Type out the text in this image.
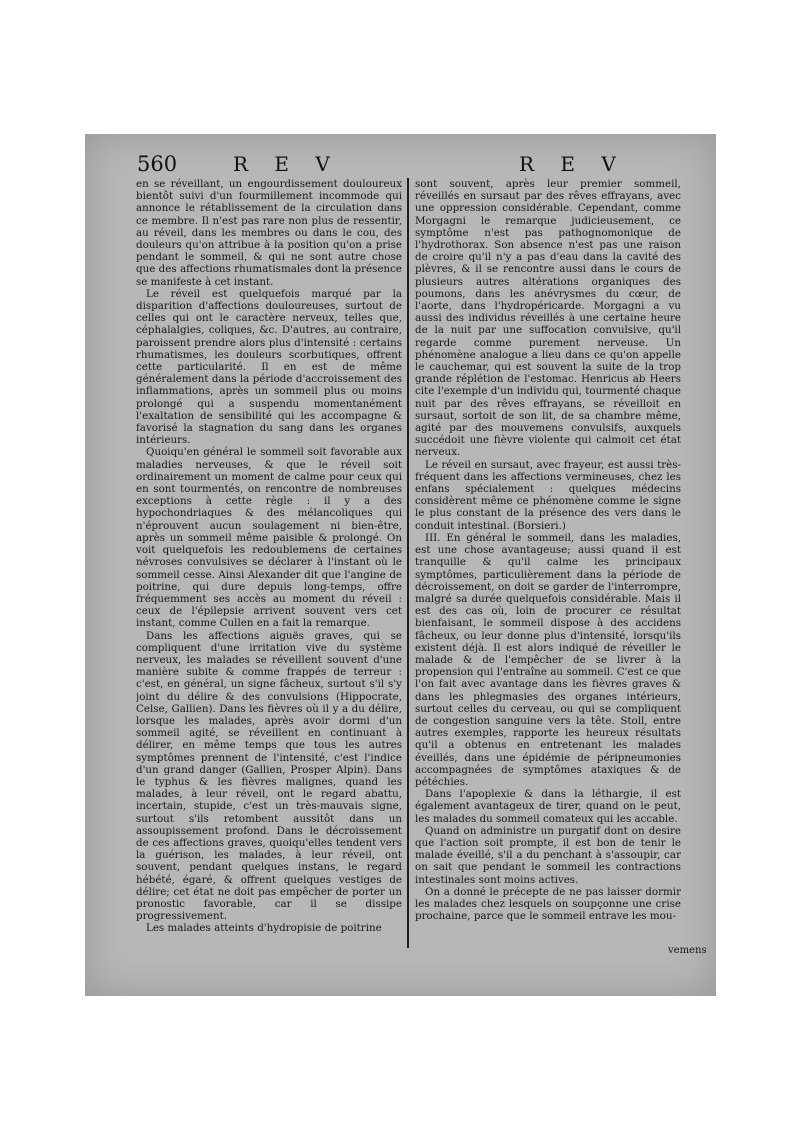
560	R E V	R E V

en se réveillant, un engourdissement douloureux bientôt suivi d'un fourmillement incommode qui annonce le rétablissement de la circulation dans ce membre. Il n'est pas rare non plus de ressentir, au réveil, dans les membres ou dans le cou, des douleurs qu'on attribue à la position qu'on a prise pendant le sommeil, & qui ne sont autre chose que des affections rhumatismales dont la présence se manifeste à cet instant.

Le réveil est quelquefois marqué par la disparition d'affections douloureuses, surtout de celles qui ont le caractère nerveux, telles que, céphalalgies, coliques, &c. D'autres, au contraire, paroissent prendre alors plus d'intensité : certains rhumatismes, les douleurs scorbutiques, offrent cette particularité. Il en est de même généralement dans la période d'accroissement des inflammations, après un sommeil plus ou moins prolongé qui a suspendu momentanément l'exaltation de sensibilité qui les accompagne & favorisé la stagnation du sang dans les organes intérieurs.

Quoiqu'en général le sommeil soit favorable aux maladies nerveuses, & que le réveil soit ordinairement un moment de calme pour ceux qui en sont tourmentés, on rencontre de nombreuses exceptions à cette règle : il y a des hypochondriaques & des mélancoliques qui n'éprouvent aucun soulagement ni bien-être, après un sommeil même paisible & prolongé. On voit quelquefois les redoublemens de certaines névroses convulsives se déclarer à l'instant où le sommeil cesse. Ainsi Alexander dit que l'angine de poitrine, qui dure depuis long-temps, offre fréquemment ses accès au moment du réveil : ceux de l'épilepsie arrivent souvent vers cet instant, comme Cullen en a fait la remarque.

Dans les affections aiguës graves, qui se compliquent d'une irritation vive du système nerveux, les malades se réveillent souvent d'une manière subite & comme frappés de terreur : c'est, en général, un signe fâcheux, surtout s'il s'y joint du délire & des convulsions (Hippocrate, Celse, Gallien). Dans les fièvres où il y a du délire, lorsque les malades, après avoir dormi d'un sommeil agité, se réveillent en continuant à délirer, en même temps que tous les autres symptômes prennent de l'intensité, c'est l'indice d'un grand danger (Gallien, Prosper Alpin). Dans le typhus & les fièvres malignes, quand les malades, à leur réveil, ont le regard abattu, incertain, stupide, c'est un très-mauvais signe, surtout s'ils retombent aussitôt dans un assoupissement profond. Dans le décroissement de ces affections graves, quoiqu'elles tendent vers la guérison, les malades, à leur réveil, ont souvent, pendant quelques instans, le regard hébété, égaré, & offrent quelques vestiges de délire; cet état ne doit pas empêcher de porter un pronostic favorable, car il se dissipe progressivement.

Les malades atteints d'hydropisie de poitrine

sont souvent, après leur premier sommeil, réveillés en sursaut par des rêves effrayans, avec une oppression considérable. Cependant, comme Morgagni le remarque judicieusement, ce symptôme n'est pas pathognomonique de l'hydrothorax. Son absence n'est pas une raison de croire qu'il n'y a pas d'eau dans la cavité des plèvres, & il se rencontre aussi dans le cours de plusieurs autres altérations organiques des poumons, dans les anévrysmes du cœur, de l'aorte, dans l'hydropéricarde. Morgagni a vu aussi des individus réveillés à une certaine heure de la nuit par une suffocation convulsive, qu'il regarde comme purement nerveuse. Un phénomène analogue a lieu dans ce qu'on appelle le cauchemar, qui est souvent la suite de la trop grande réplétion de l'estomac. Henricus ab Heers cite l'exemple d'un individu qui, tourmenté chaque nuit par des rêves effrayans, se réveilloit en sursaut, sortoit de son lit, de sa chambre même, agité par des mouvemens convulsifs, auxquels succédoit une fièvre violente qui calmoit cet état nerveux.

Le réveil en sursaut, avec frayeur, est aussi très-fréquent dans les affections vermineuses, chez les enfans spécialement : quelques médecins considèrent même ce phénomène comme le signe le plus constant de la présence des vers dans le conduit intestinal. (Borsieri.)

III. En général le sommeil, dans les maladies, est une chose avantageuse; aussi quand il est tranquille & qu'il calme les principaux symptômes, particulièrement dans la période de décroissement, on doit se garder de l'interrompre, malgré sa durée quelquefois considérable. Mais il est des cas où, loin de procurer ce résultat bienfaisant, le sommeil dispose à des accidens fâcheux, ou leur donne plus d'intensité, lorsqu'ils existent déjà. Il est alors indiqué de réveiller le malade & de l'empêcher de se livrer à la propension qui l'entraîne au sommeil. C'est ce que l'on fait avec avantage dans les fièvres graves & dans les phlegmasies des organes intérieurs, surtout celles du cerveau, ou qui se compliquent de congestion sanguine vers la tête. Stoll, entre autres exemples, rapporte les heureux résultats qu'il a obtenus en entretenant les malades éveillés, dans une épidémie de péripneumonies accompagnées de symptômes ataxiques & de pétéchies.

Dans l'apoplexie & dans la léthargie, il est également avantageux de tirer, quand on le peut, les malades du sommeil comateux qui les accable.

Quand on administre un purgatif dont on desire que l'action soit prompte, il est bon de tenir le malade éveillé, s'il a du penchant à s'assoupir, car on sait que pendant le sommeil les contractions intestinales sont moins actives.

On a donné le précepte de ne pas laisser dormir les malades chez lesquels on soupçonne une crise prochaine, parce que le sommeil entrave les mou-

vemens
